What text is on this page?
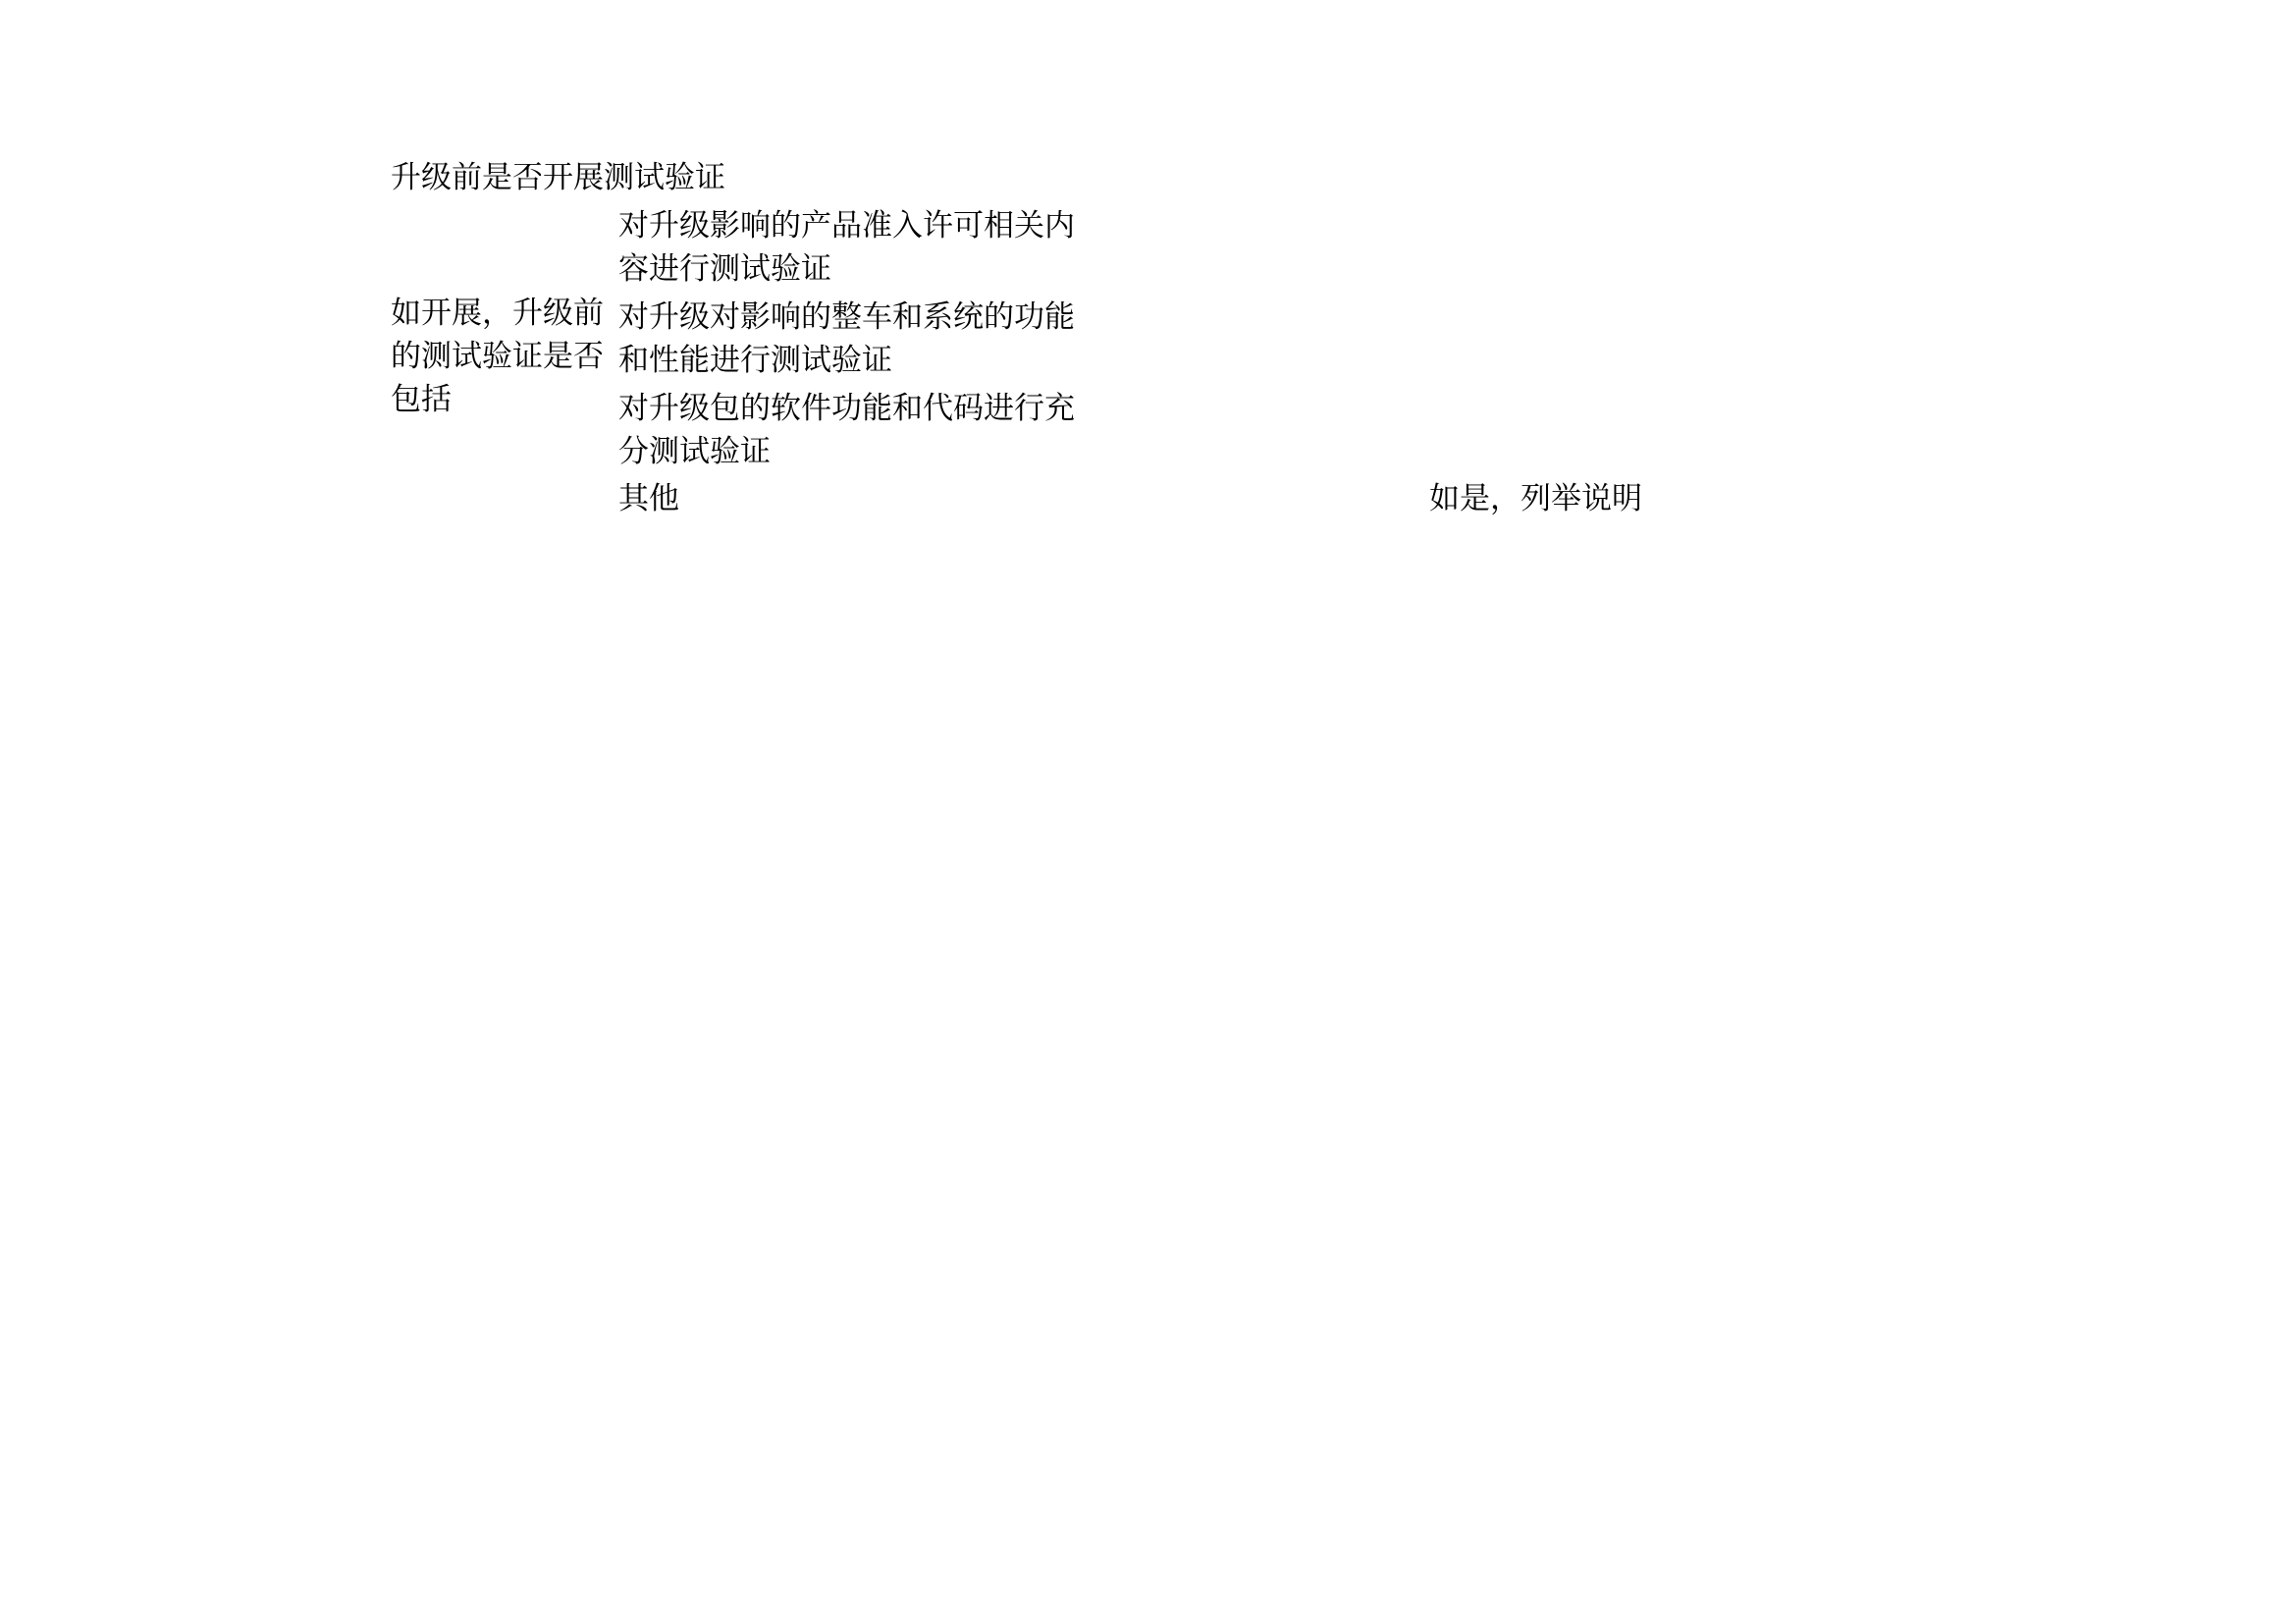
升级前是否开展测试验证
如开展，升级前
的测试验证是否
包括
对升级影响的产品准入许可相关内
容进行测试验证
对升级对影响的整车和系统的功能
和性能进行测试验证
对升级包的软件功能和代码进行充
分测试验证
其他	如是，列举说明
